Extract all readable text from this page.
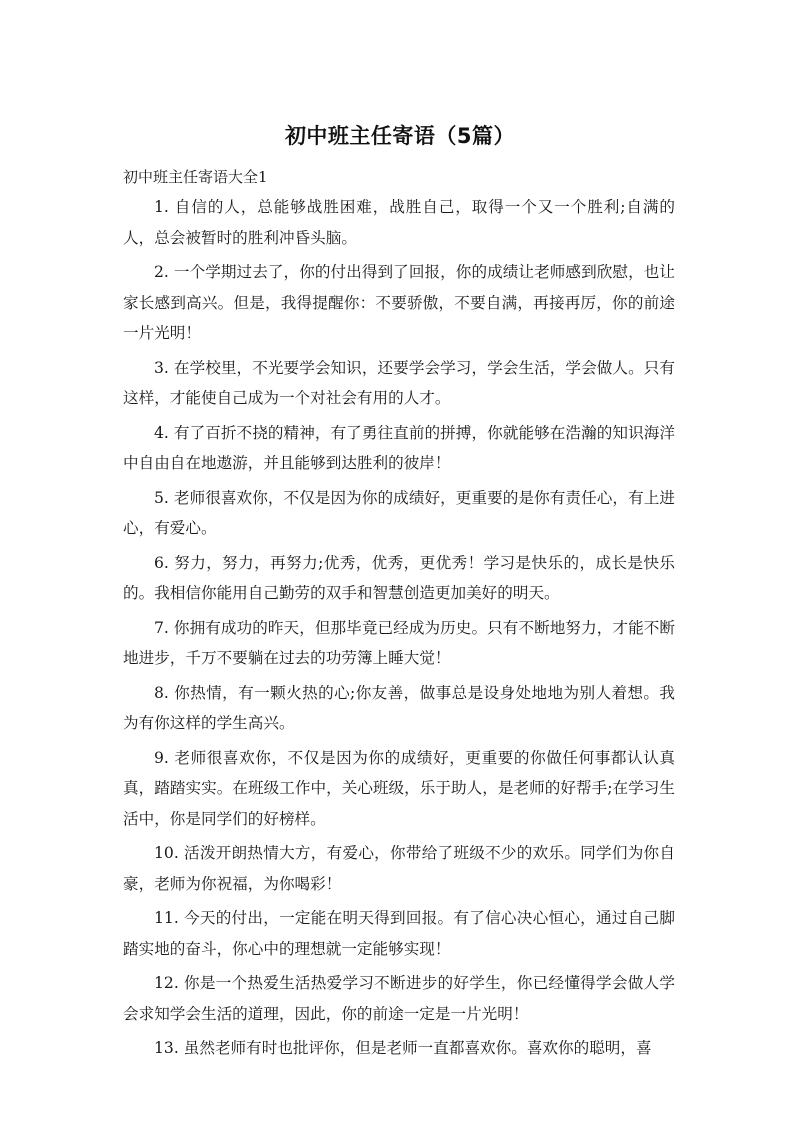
初中班主任寄语（5篇）

初中班主任寄语大全1

1. 自信的人，总能够战胜困难，战胜自己，取得一个又一个胜利;自满的人，总会被暂时的胜利冲昏头脑。

2. 一个学期过去了，你的付出得到了回报，你的成绩让老师感到欣慰，也让家长感到高兴。但是，我得提醒你：不要骄傲，不要自满，再接再厉，你的前途一片光明！

3. 在学校里，不光要学会知识，还要学会学习，学会生活，学会做人。只有这样，才能使自己成为一个对社会有用的人才。

4. 有了百折不挠的精神，有了勇往直前的拼搏，你就能够在浩瀚的知识海洋中自由自在地遨游，并且能够到达胜利的彼岸！

5. 老师很喜欢你，不仅是因为你的成绩好，更重要的是你有责任心，有上进心，有爱心。

6. 努力，努力，再努力;优秀，优秀，更优秀！学习是快乐的，成长是快乐的。我相信你能用自己勤劳的双手和智慧创造更加美好的明天。

7. 你拥有成功的昨天，但那毕竟已经成为历史。只有不断地努力，才能不断地进步，千万不要躺在过去的功劳簿上睡大觉！

8. 你热情，有一颗火热的心;你友善，做事总是设身处地地为别人着想。我为有你这样的学生高兴。

9. 老师很喜欢你，不仅是因为你的成绩好，更重要的你做任何事都认认真真，踏踏实实。在班级工作中，关心班级，乐于助人，是老师的好帮手;在学习生活中，你是同学们的好榜样。

10. 活泼开朗热情大方，有爱心，你带给了班级不少的欢乐。同学们为你自豪，老师为你祝福，为你喝彩！

11. 今天的付出，一定能在明天得到回报。有了信心决心恒心，通过自己脚踏实地的奋斗，你心中的理想就一定能够实现！

12. 你是一个热爱生活热爱学习不断进步的好学生，你已经懂得学会做人学会求知学会生活的道理，因此，你的前途一定是一片光明！

13. 虽然老师有时也批评你，但是老师一直都喜欢你。喜欢你的聪明，喜
